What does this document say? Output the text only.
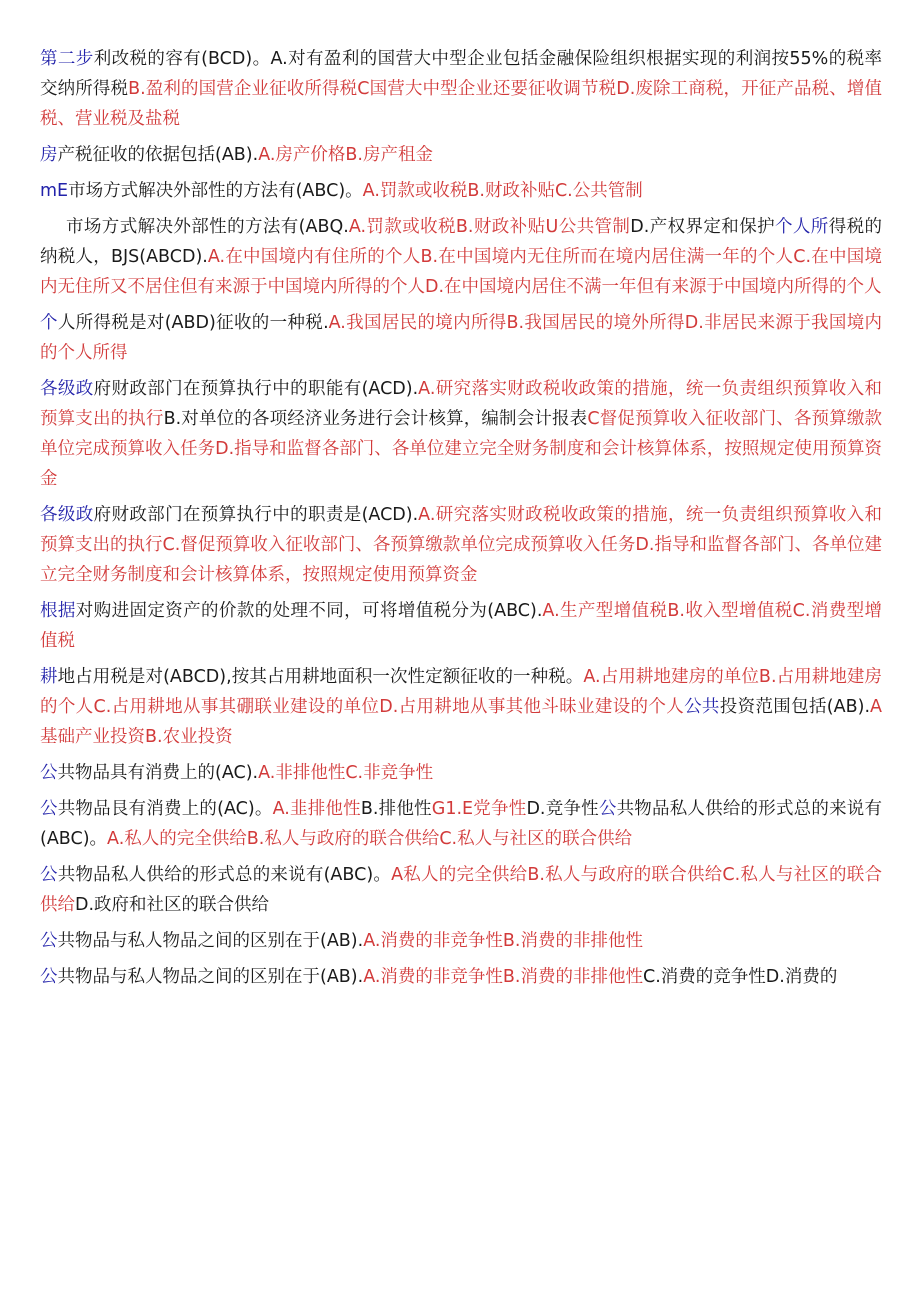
第二步利改税的容有(BCD)。A.对有盈利的国营大中型企业包括金融保险组织根据实现的利润按55%的税率交纳所得税B.盈利的国营企业征收所得税C国营大中型企业还要征收调节税D.废除工商税，开征产品税、增值税、营业税及盐税

房产税征收的依据包括(AB).A.房产价格B.房产租金

mE市场方式解决外部性的方法有(ABC)。A.罚款或收税B.财政补贴C.公共管制

市场方式解决外部性的方法有(ABQ.A.罚款或收税B.财政补贴U公共管制D.产权界定和保护个人所得税的纳税人，BJS(ABCD).A.在中国境内有住所的个人B.在中国境内无住所而在境内居住满一年的个人C.在中国境内无住所又不居住但有来源于中国境内所得的个人D.在中国境内居住不满一年但有来源于中国境内所得的个人

个人所得税是对(ABD)征收的一种税.A.我国居民的境内所得B.我国居民的境外所得D.非居民来源于我国境内的个人所得

各级政府财政部门在预算执行中的职能有(ACD).A.研究落实财政税收政策的措施，统一负责组织预算收入和预算支出的执行B.对单位的各项经济业务进行会计核算，编制会计报表C督促预算收入征收部门、各预算缴款单位完成预算收入任务D.指导和监督各部门、各单位建立完全财务制度和会计核算体系，按照规定使用预算资金

各级政府财政部门在预算执行中的职责是(ACD).A.研究落实财政税收政策的措施，统一负责组织预算收入和预算支出的执行C.督促预算收入征收部门、各预算缴款单位完成预算收入任务D.指导和监督各部门、各单位建立完全财务制度和会计核算体系，按照规定使用预算资金

根据对购进固定资产的价款的处理不同，可将增值税分为(ABC).A.生产型增值税B.收入型增值税C.消费型增值税

耕地占用税是对(ABCD),按其占用耕地面积一次性定额征收的一种税。A.占用耕地建房的单位B.占用耕地建房的个人C.占用耕地从事其硼联业建设的单位D.占用耕地从事其他斗昧业建设的个人公共投资范围包括(AB).A基础产业投资B.农业投资

公共物品具有消费上的(AC).A.非排他性C.非竞争性

公共物品艮有消费上的(AC)。A.韭排他性B.排他性G1.E党争性D.竞争性公共物品私人供给的形式总的来说有(ABC)。A.私人的完全供给B.私人与政府的联合供给C.私人与社区的联合供给

公共物品私人供给的形式总的来说有(ABC)。A私人的完全供给B.私人与政府的联合供给C.私人与社区的联合供给D.政府和社区的联合供给

公共物品与私人物品之间的区别在于(AB).A.消费的非竞争性B.消费的非排他性

公共物品与私人物品之间的区别在于(AB).A.消费的非竞争性B.消费的非排他性C.消费的竞争性D.消费的
